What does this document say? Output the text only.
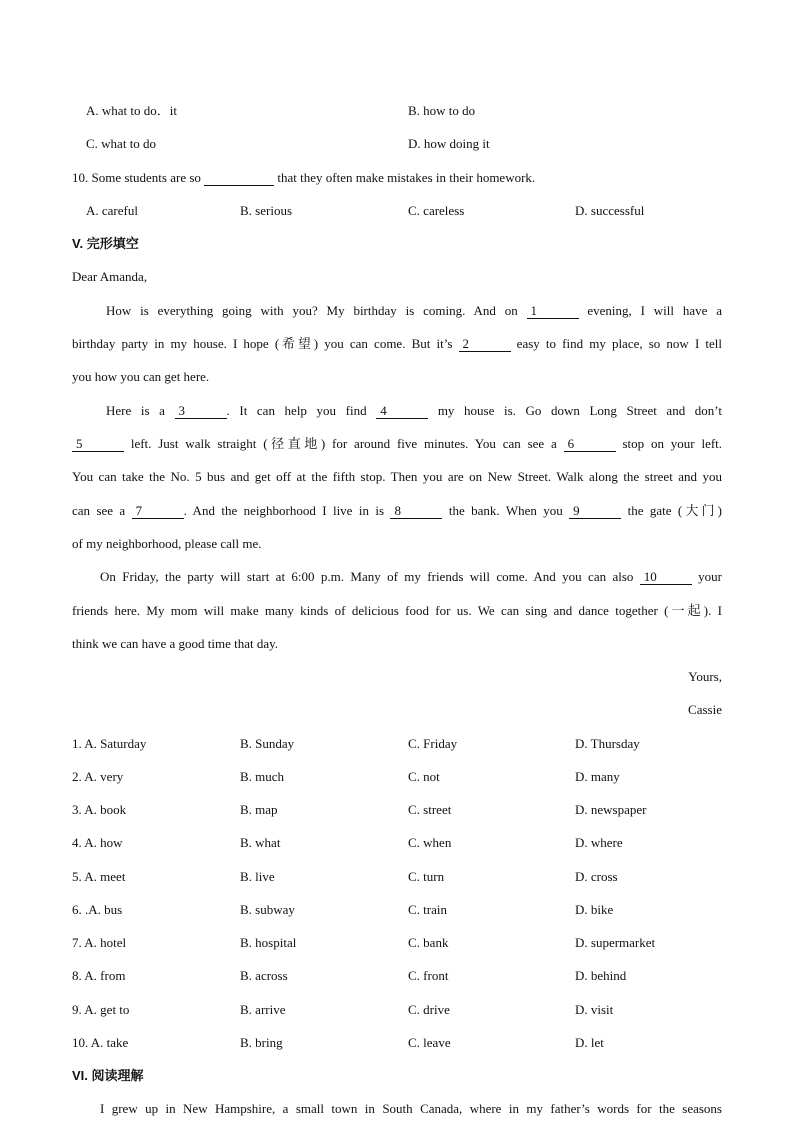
A. what to do．it	B. how to do
C. what to do	D. how doing it
10. Some students are so	that they often make mistakes in their homework.
A. careful	B. serious	C. careless	D. successful
V. 完形填空
Dear Amanda,
How is everything going with you? My birthday is coming. And on 1	evening, I will have a
birthday party in my house. I hope (希望) you can come. But it’s 2	easy to find my place, so now I tell
you how you can get here.
Here is a 3	. It can help you find 4	my house is. Go down Long Street and don’t
5	left. Just walk straight (径直地) for around five minutes. You can see a 6	stop on your left.
You can take the No. 5 bus and get off at the fifth stop. Then you are on New Street. Walk along the street and you
can see a 7	. And the neighborhood I live in is 8	the bank. When you 9	the gate (大门)
of my neighborhood, please call me.
On Friday, the party will start at 6:00 p.m. Many of my friends will come. And you can also 10	your
friends here. My mom will make many kinds of delicious food for us. We can sing and dance together (一起). I
think we can have a good time that day.
Yours,
Cassie
1. A. Saturday	B. Sunday	C. Friday	D. Thursday
2. A. very	B. much	C. not	D. many
3. A. book	B. map	C. street	D. newspaper
4. A. how	B. what	C. when	D. where
5. A. meet	B. live	C. turn	D. cross
6. .A. bus	B. subway	C. train	D. bike
7. A. hotel	B. hospital	C. bank	D. supermarket
8. A. from	B. across	C. front	D. behind
9. A. get to	B. arrive	C. drive	D. visit
10. A. take	B. bring	C. leave	D. let
VI. 阅读理解
I grew up in New Hampshire, a small town in South Canada, where in my father’s words for the seasons
